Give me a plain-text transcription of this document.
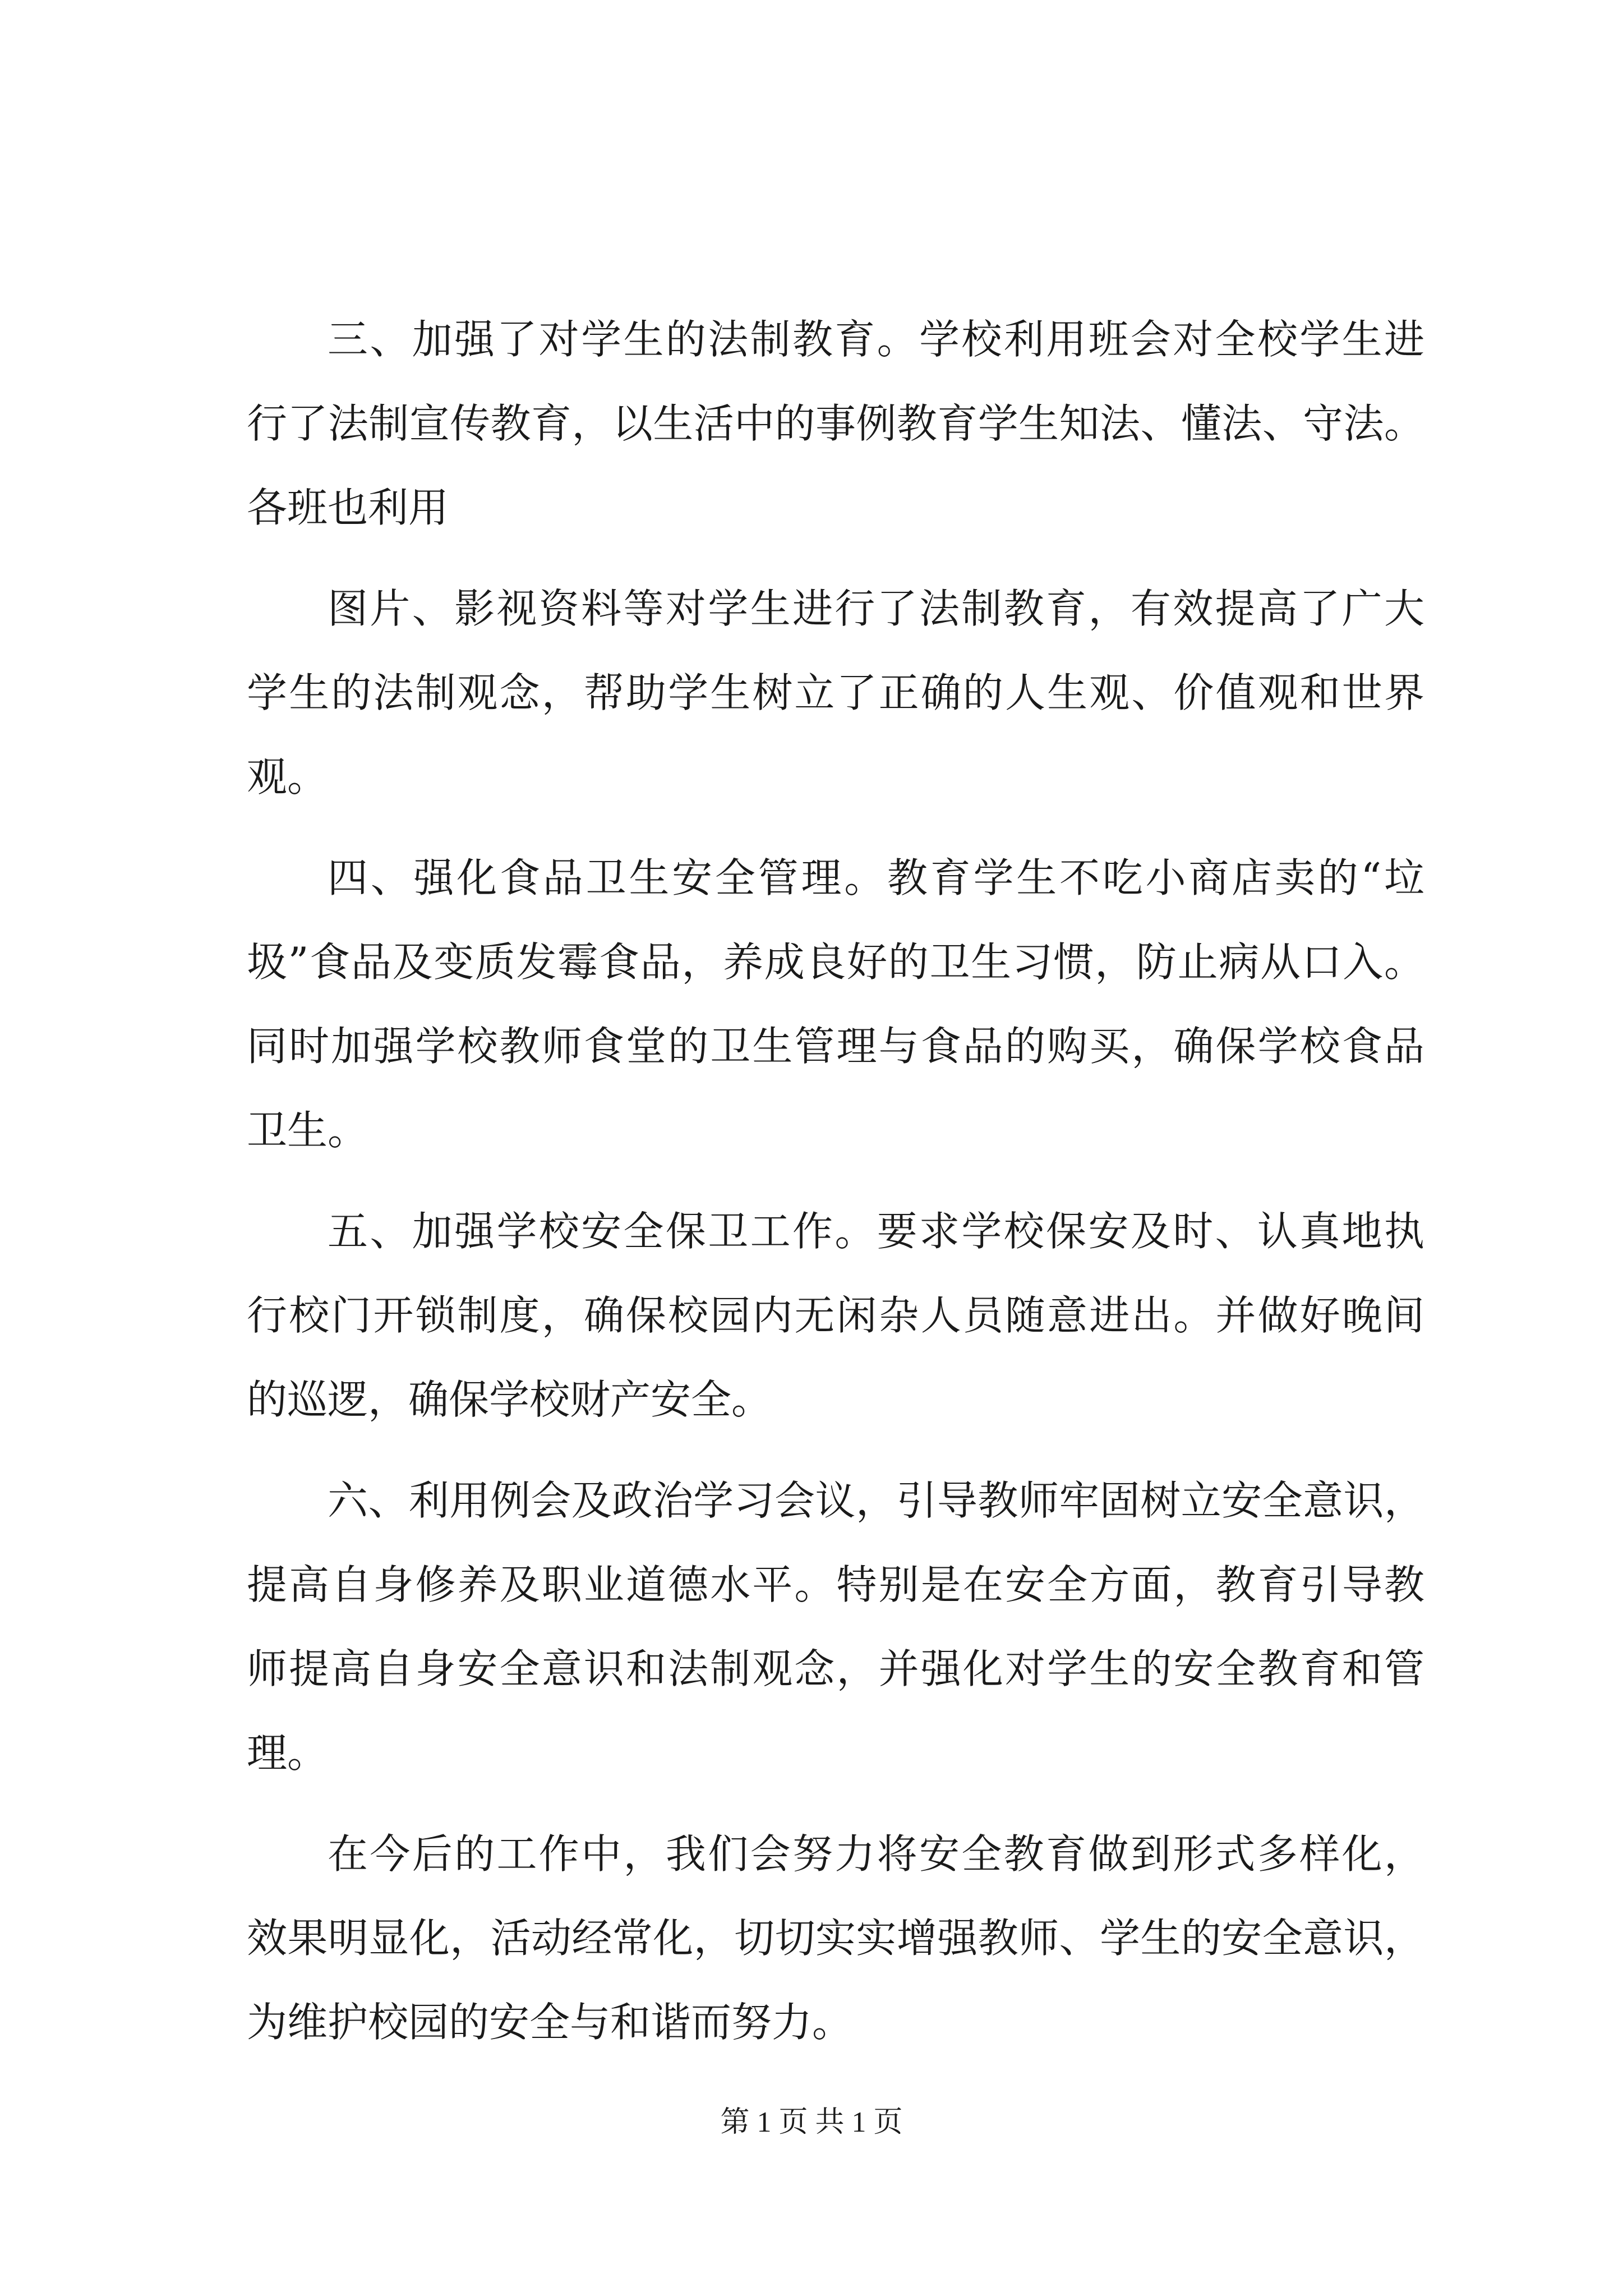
三、加强了对学生的法制教育。学校利用班会对全校学生进
行了法制宣传教育，以生活中的事例教育学生知法、懂法、守法。
各班也利用
图片、影视资料等对学生进行了法制教育，有效提高了广大
学生的法制观念，帮助学生树立了正确的人生观、价值观和世界
观。
四、强化食品卫生安全管理。教育学生不吃小商店卖的“垃
圾”食品及变质发霉食品，养成良好的卫生习惯，防止病从口入。
同时加强学校教师食堂的卫生管理与食品的购买，确保学校食品
卫生。
五、加强学校安全保卫工作。要求学校保安及时、认真地执
行校门开锁制度，确保校园内无闲杂人员随意进出。并做好晚间
的巡逻，确保学校财产安全。
六、利用例会及政治学习会议，引导教师牢固树立安全意识，
提高自身修养及职业道德水平。特别是在安全方面，教育引导教
师提高自身安全意识和法制观念，并强化对学生的安全教育和管
理。
在今后的工作中，我们会努力将安全教育做到形式多样化，
效果明显化，活动经常化，切切实实增强教师、学生的安全意识，
为维护校园的安全与和谐而努力。
第 1 页 共 1 页
